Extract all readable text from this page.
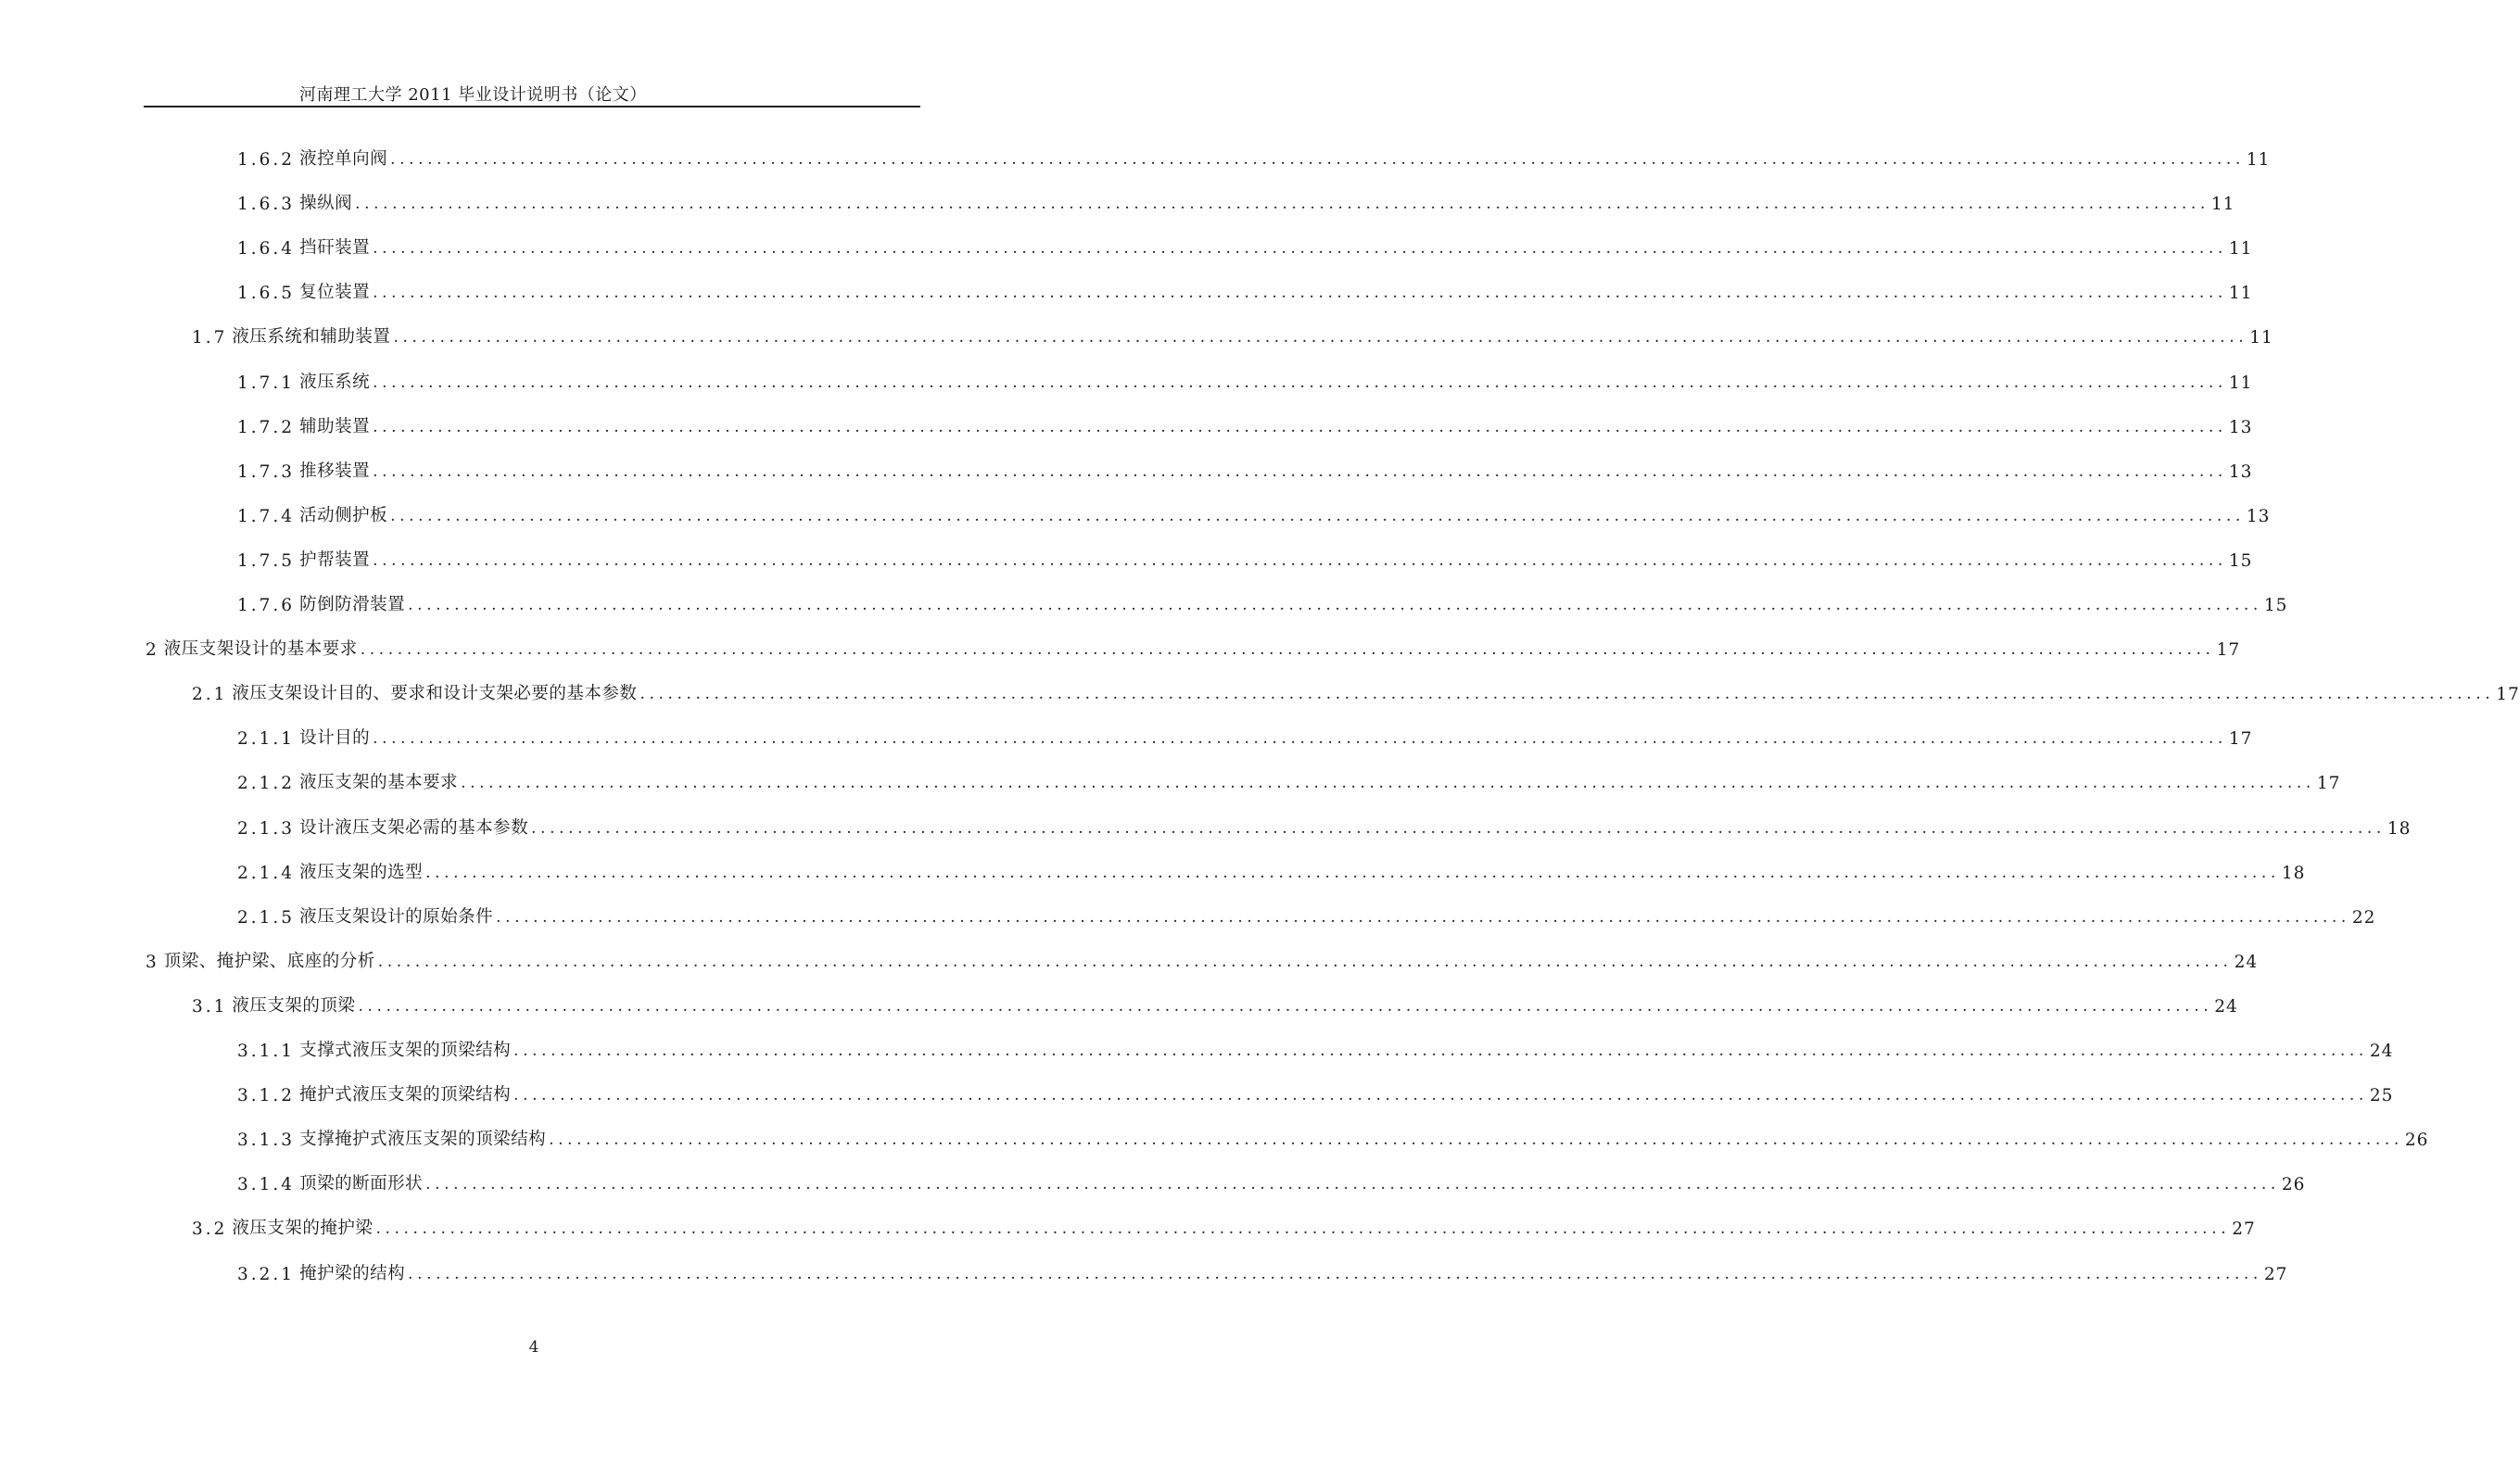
河南理工大学 2011 毕业设计说明书（论文）
1.6.2 液控单向阀 ........................................................................................................................................................................................................ 11
1.6.3 操纵阀 ........................................................................................................................................................................................................ 11
1.6.4 挡矸装置 ........................................................................................................................................................................................................ 11
1.6.5 复位装置 ........................................................................................................................................................................................................ 11
1.7 液压系统和辅助装置 ........................................................................................................................................................................................................ 11
1.7.1 液压系统 ........................................................................................................................................................................................................ 11
1.7.2 辅助装置 ........................................................................................................................................................................................................ 13
1.7.3 推移装置 ........................................................................................................................................................................................................ 13
1.7.4 活动侧护板 ........................................................................................................................................................................................................ 13
1.7.5 护帮装置 ........................................................................................................................................................................................................ 15
1.7.6 防倒防滑装置 ........................................................................................................................................................................................................ 15
2 液压支架设计的基本要求 ........................................................................................................................................................................................................ 17
2.1 液压支架设计目的、要求和设计支架必要的基本参数 ........................................................................................................................................................................................................ 17
2.1.1 设计目的 ........................................................................................................................................................................................................ 17
2.1.2 液压支架的基本要求 ........................................................................................................................................................................................................ 17
2.1.3 设计液压支架必需的基本参数 ........................................................................................................................................................................................................ 18
2.1.4 液压支架的选型 ........................................................................................................................................................................................................ 18
2.1.5 液压支架设计的原始条件 ........................................................................................................................................................................................................ 22
3 顶梁、掩护梁、底座的分析 ........................................................................................................................................................................................................ 24
3.1 液压支架的顶梁 ........................................................................................................................................................................................................ 24
3.1.1 支撑式液压支架的顶梁结构 ........................................................................................................................................................................................................ 24
3.1.2 掩护式液压支架的顶梁结构 ........................................................................................................................................................................................................ 25
3.1.3 支撑掩护式液压支架的顶梁结构 ........................................................................................................................................................................................................ 26
3.1.4 顶梁的断面形状 ........................................................................................................................................................................................................ 26
3.2 液压支架的掩护梁 ........................................................................................................................................................................................................ 27
3.2.1 掩护梁的结构 ........................................................................................................................................................................................................ 27
4
